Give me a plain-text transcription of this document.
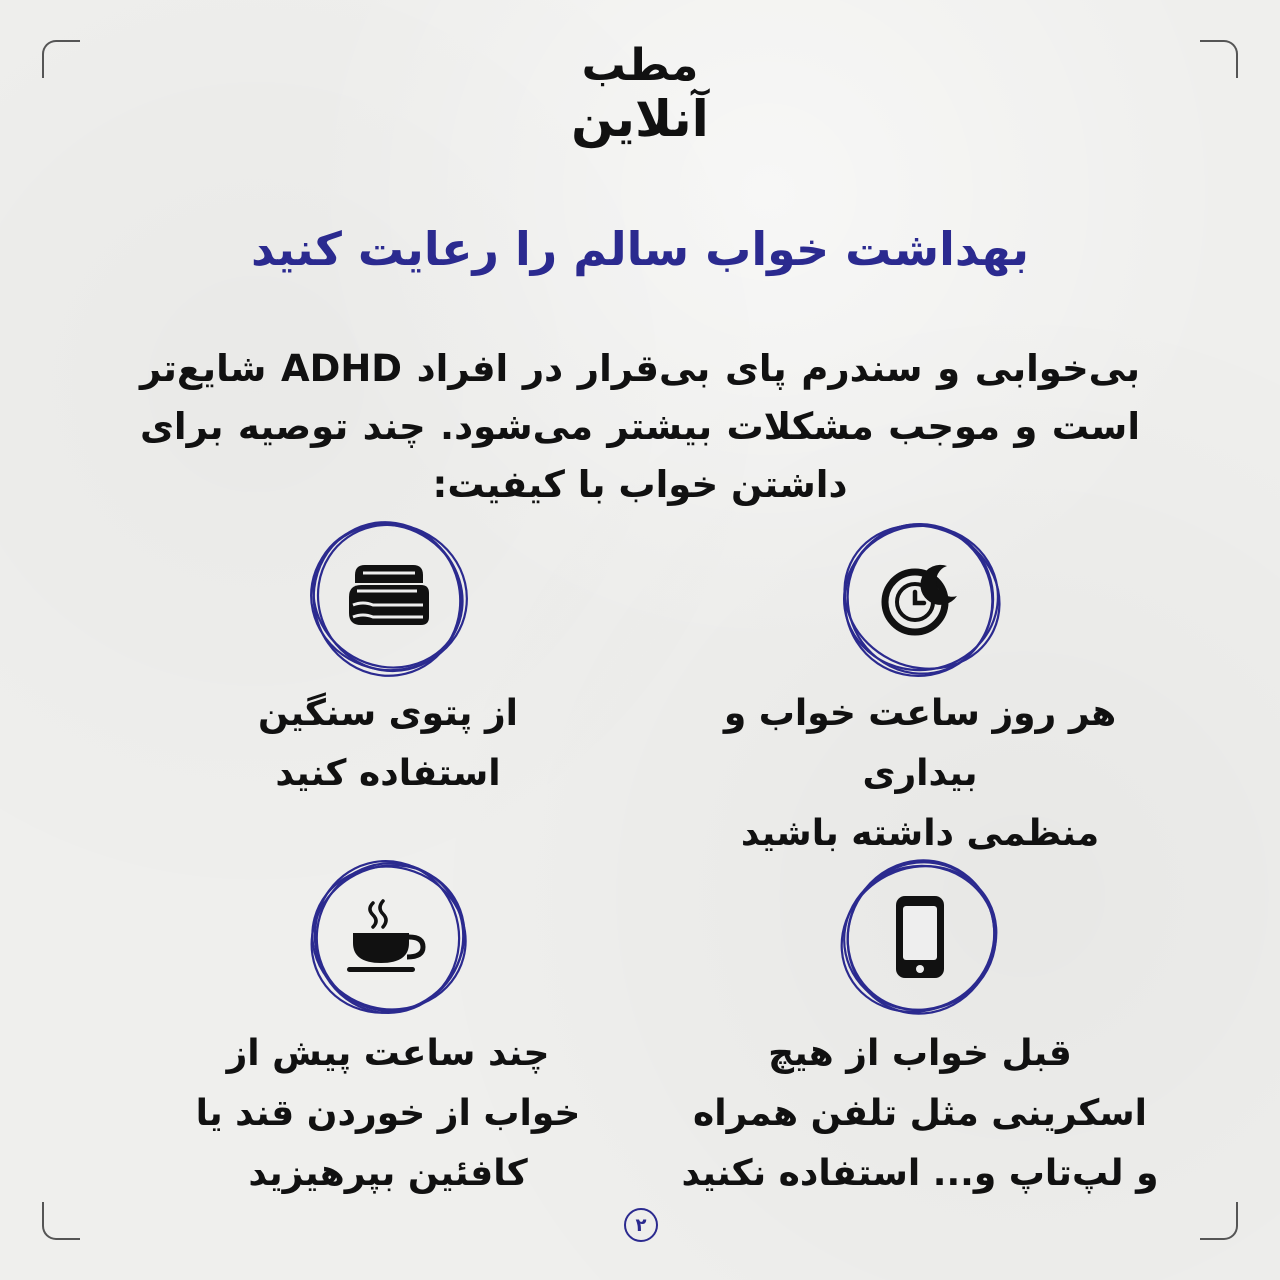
مطب
آنلاین
بهداشت خواب سالم را رعایت کنید
بی‌خوابی و سندرم پای بی‌قرار در افراد ADHD شایع‌تر است و موجب مشکلات بیشتر می‌شود. چند توصیه برای داشتن خواب با کیفیت:
هر روز ساعت خواب و بیداری
منظمی داشته باشید
از پتوی سنگین
استفاده کنید
قبل خواب از هیچ
اسکرینی مثل تلفن همراه
و لپ‌تاپ و... استفاده نکنید
چند ساعت پیش از
خواب از خوردن قند یا
کافئین بپرهیزید
۲
